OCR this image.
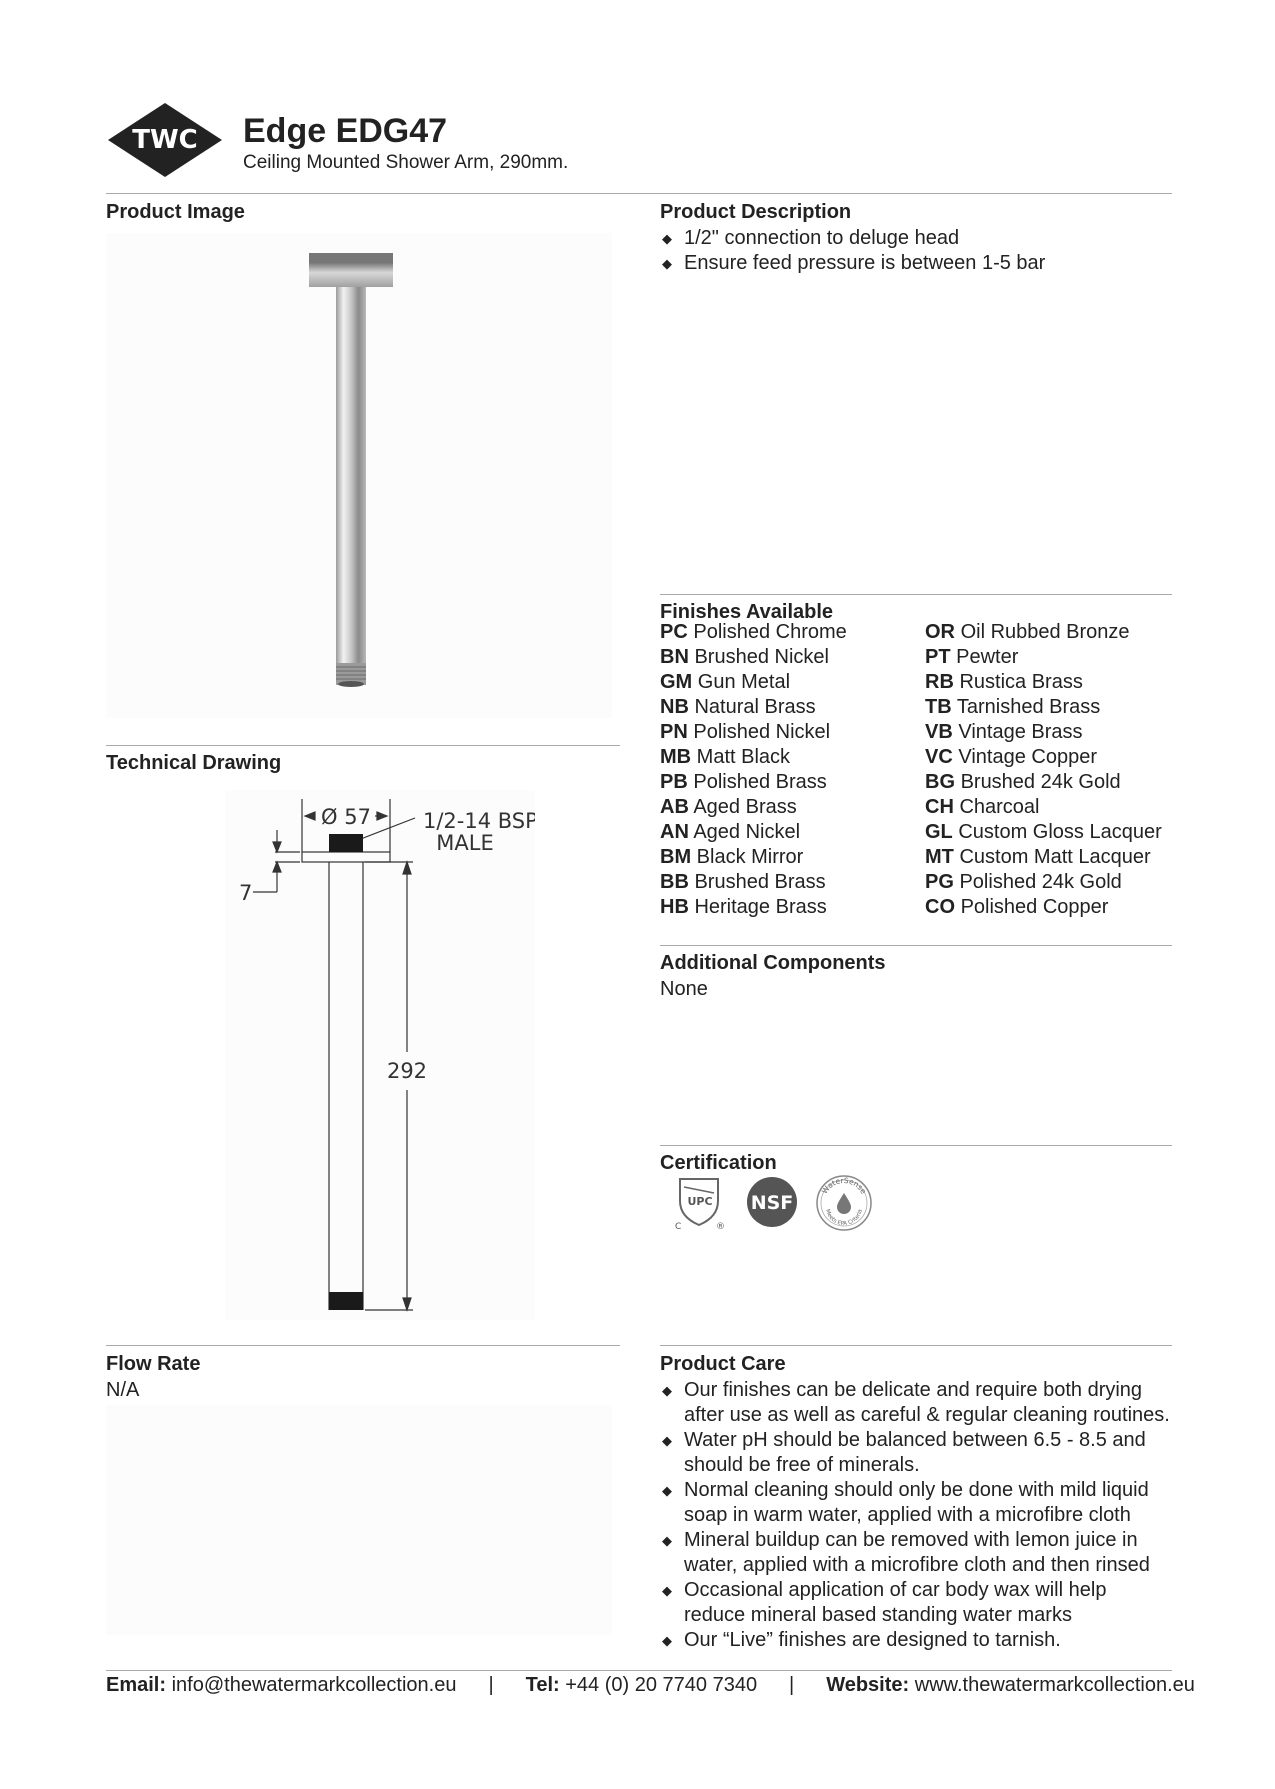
TWC Edge EDG47
Ceiling Mounted Shower Arm, 290mm.
Product Image
Technical Drawing
Ø 57 1/2-14 BSP
MALE
7
292
Flow Rate
N/A
Product Description
◆ 1/2" connection to deluge head
◆ Ensure feed pressure is between 1-5 bar
Finishes Available
PC Polished Chrome
BN Brushed Nickel
GM Gun Metal
NB Natural Brass
PN Polished Nickel
MB Matt Black
PB Polished Brass
AB Aged Brass
AN Aged Nickel
BM Black Mirror
BB Brushed Brass
HB Heritage Brass
OR Oil Rubbed Bronze
PT Pewter
RB Rustica Brass
TB Tarnished Brass
VB Vintage Brass
VC Vintage Copper
BG Brushed 24k Gold
CH Charcoal
GL Custom Gloss Lacquer
MT Custom Matt Lacquer
PG Polished 24k Gold
CO Polished Copper
Additional Components
None
Certification
UPC
C	®
NSF
WaterSense
Meets EPA Criteria
Product Care
◆ Our finishes can be delicate and require both drying after use as well as careful & regular cleaning routines.
◆ Water pH should be balanced between 6.5 - 8.5 and should be free of minerals.
◆ Normal cleaning should only be done with mild liquid soap in warm water, applied with a microfibre cloth
◆ Mineral buildup can be removed with lemon juice in water, applied with a microfibre cloth and then rinsed
◆ Occasional application of car body wax will help reduce mineral based standing water marks
◆ Our “Live” finishes are designed to tarnish.
Email: info@thewatermarkcollection.eu | Tel: +44 (0) 20 7740 7340 | Website: www.thewatermarkcollection.eu
